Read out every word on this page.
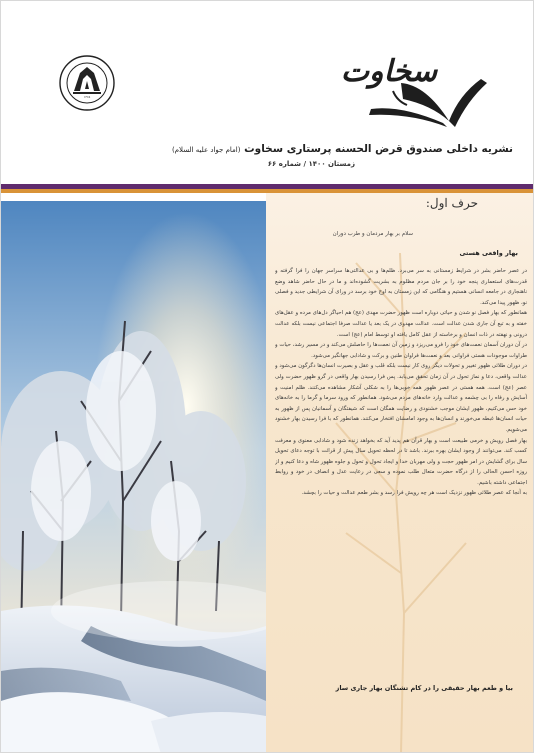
۱۳۶۵
سخاوت
نشریه داخلی صندوق قرض الحسنه پرستاری سخاوت (امام جواد علیه السلام)
زمستان ۱۴۰۰ / شماره ۶۶
حرف اول:
سلام بر بهار مردمان و طرب دوران
بهار واقعی هستی

در عصر حاضر بشر در شرایط زمستانی به سر می‌برد. ظلم‌ها و بی عدالتی‌ها سراسر جهان را فرا گرفته و قدرت‌های استعماری پنجه خود را بر جان مردم مظلوم به بشریت گشوده‌اند و ما در حال حاضر شاهد وضع ناهنجاری در جامعه انسانی هستیم و هنگامی که این زمستان به اوج خود برسد در ورای آن شرایطی جدید و فصلی نو، ظهور پیدا می‌کند.

همانطور که بهار فصل نو شدن و حیاتی دوباره است ظهور حضرت مهدی (عج) هم احیاگر دل‌های مرده و عقل‌های خفته و به تبع آن جاری شدن عدالت است. عدالت مهدوی در یک بعد یا عدالت صرفا اجتماعی نیست بلکه عدالت درونی و نهفته در ذات انسان و برخاسته از عقل کامل یافته او توسط امام (عج) است.

در آن دوران آسمان نعمت‌های خود را فرو می‌ریزد و زمین آن نعمت‌ها را حاصلش می‌کند و در مسیر رشد، حیات و طراوات موجودات هستی فراوانی بعد و نعمت‌ها فراوان طنین و برکت و شادابی جهانگیر می‌شود.

در دوران طلائی ظهور تغییر و تحولات دیگر روی کار نیست بلکه قلب و عقل و بصیرت انسان‌ها دگرگون می‌شود و عدالت واقعی، دعا و نماز تحول در آن زمان تحقق می‌یابد. پس فرا رسیدن بهار واقعی در گرو ظهور حضرت ولی عصر (عج) است. همه هستی در عصر ظهور همه خوبی‌ها را به شکلی آشکار مشاهده می‌کنند. ظلم امنیت و آسایش و رفاه را بی چشمه و عدالت وارد خانه‌های مردم می‌شود. همانطور که ورود سرما و گرما را به خانه‌های خود حس می‌کنیم، ظهور ایشان موجب خشنودی و رضایت همگان است که شیفتگان و آسمانیان پس از ظهور به حیات انسان‌ها غبطه می‌خورند و انسان‌ها به وجود امامشان افتخار می‌کنند. همانطور که با فرا رسیدن بهار خشنود می‌شویم.

بهار فصل رویش و خرمی طبیعت است و بهار قرآن هم پدید آید که بخواهد زنده شود و شادابی معنوی و معرفت کسب کند. می‌توانند از وجود ایشان بهره ببرند. باشد تا در لحظه تحویل سال پیش از قرائت با توجه دعای تحویل سال برای گشایش در امر ظهور حجت و ولی مهربان خدا و ایجاد تحول و تحول و جلوه ظهور شاه و دعا کنیم و از روزه احسن الحالی را از درگاه حضرت متعال طلب نموده و سعی در رعایت عدل و انصاف در خود و روابط اجتماعی داشته باشیم.

به آنجا که عصر طلائی ظهور نزدیک است هر چه رویش فرا رسد و بشر طعم عدالت و حیات را بچشد.

بیا و طعم بهار حقیقی را در کام تشنگان بهار جاری ساز
